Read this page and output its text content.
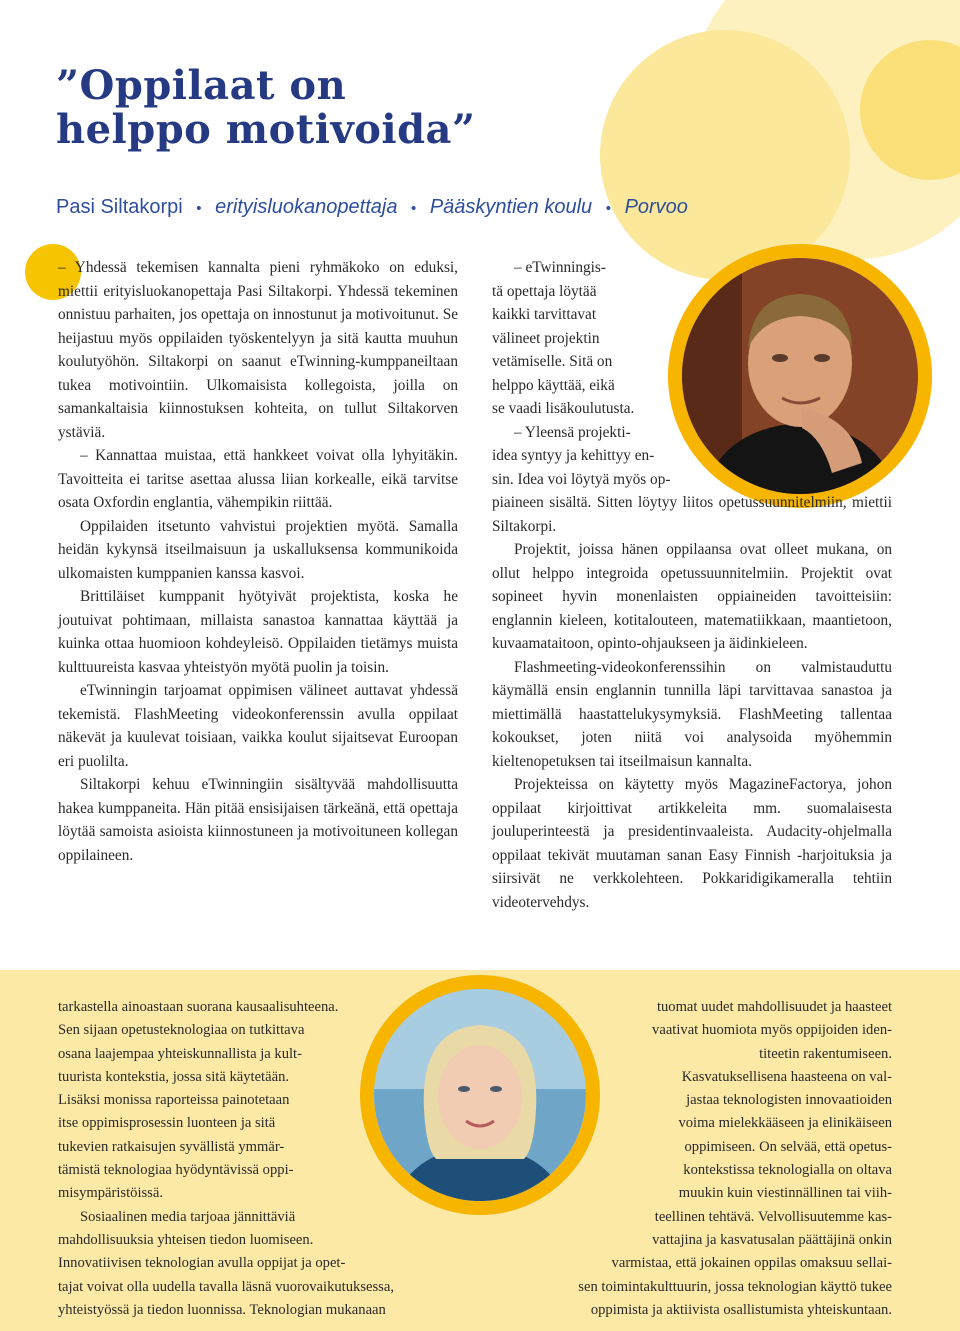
”Oppilaat on
helppo motivoida”
Pasi Siltakorpi • erityisluokanopettaja • Pääskyntien koulu • Porvoo

– Yhdessä tekemisen kannalta pieni ryhmäkoko on eduksi, miettii erityisluokanopettaja Pasi Siltakorpi. Yhdessä tekeminen onnistuu parhaiten, jos opettaja on innostunut ja motivoitunut. Se heijastuu myös oppilaiden työskentelyyn ja sitä kautta muuhun koulutyöhön. Siltakorpi on saanut eTwinning-kumppaneiltaan tukea motivointiin. Ulkomaisista kollegoista, joilla on samankaltaisia kiinnostuksen kohteita, on tullut Siltakorven ystäviä.

– Kannattaa muistaa, että hankkeet voivat olla lyhyitäkin. Tavoitteita ei taritse asettaa alussa liian korkealle, eikä tarvitse osata Oxfordin englantia, vähempikin riittää.

Oppilaiden itsetunto vahvistui projektien myötä. Samalla heidän kykynsä itseilmaisuun ja uskalluksensa kommunikoida ulkomaisten kumppanien kanssa kasvoi.

Brittiläiset kumppanit hyötyivät projektista, koska he joutuivat pohtimaan, millaista sanastoa kannattaa käyttää ja kuinka ottaa huomioon kohdeyleisö. Oppilaiden tietämys muista kulttuureista kasvaa yhteistyön myötä puolin ja toisin.

eTwinningin tarjoamat oppimisen välineet auttavat yhdessä tekemistä. FlashMeeting videokonferenssin avulla oppilaat näkevät ja kuulevat toisiaan, vaikka koulut sijaitsevat Euroopan eri puolilta.

Siltakorpi kehuu eTwinningiin sisältyvää mahdollisuutta hakea kumppaneita. Hän pitää ensisijaisen tärkeänä, että opettaja löytää samoista asioista kiinnostuneen ja motivoituneen kollegan oppilaineen.

– eTwinningis-
tä opettaja löytää
kaikki tarvittavat
välineet projektin
vetämiselle. Sitä on
helppo käyttää, eikä
se vaadi lisäkoulutusta.
– Yleensä projekti-
idea syntyy ja kehittyy en-
sin. Idea voi löytyä myös op-

piaineen sisältä. Sitten löytyy liitos opetussuunnitelmiin, miettii Siltakorpi.

Projektit, joissa hänen oppilaansa ovat olleet mukana, on ollut helppo integroida opetussuunnitelmiin. Projektit ovat sopineet hyvin monenlaisten oppiaineiden tavoitteisiin: englannin kieleen, kotitalouteen, matematiikkaan, maantietoon, kuvaamataitoon, opinto-ohjaukseen ja äidinkieleen.

Flashmeeting-videokonferenssihin on valmistauduttu käymällä ensin englannin tunnilla läpi tarvittavaa sanastoa ja miettimällä haastattelukysymyksiä. FlashMeeting tallentaa kokoukset, joten niitä voi analysoida myöhemmin kieltenopetuksen tai itseilmaisun kannalta.

Projekteissa on käytetty myös MagazineFactorya, johon oppilaat kirjoittivat artikkeleita mm. suomalaisesta jouluperinteestä ja presidentinvaaleista. Audacity-ohjelmalla oppilaat tekivät muutaman sanan Easy Finnish -harjoituksia ja siirsivät ne verkkolehteen. Pokkaridigikameralla tehtiin videotervehdys.

tarkastella ainoastaan suorana kausaalisuhteena.
Sen sijaan opetusteknologiaa on tutkittava
osana laajempaa yhteiskunnallista ja kult-
tuurista kontekstia, jossa sitä käytetään.
Lisäksi monissa raporteissa painotetaan
itse oppimisprosessin luonteen ja sitä
tukevien ratkaisujen syvällistä ymmär-
tämistä teknologiaa hyödyntävissä oppi-
misympäristöissä.
Sosiaalinen media tarjoaa jännittäviä
mahdollisuuksia yhteisen tiedon luomiseen.
Innovatiivisen teknologian avulla oppijat ja opet-
tajat voivat olla uudella tavalla läsnä vuorovaikutuksessa,
yhteistyössä ja tiedon luonnissa. Teknologian mukanaan
tuomat uudet mahdollisuudet ja haasteet
vaativat huomiota myös oppijoiden iden-
titeetin rakentumiseen.
Kasvatuksellisena haasteena on val-
jastaa teknologisten innovaatioiden
voima mielekkääseen ja elinikäiseen
oppimiseen. On selvää, että opetus-
kontekstissa teknologialla on oltava
muukin kuin viestinnällinen tai viih-
teellinen tehtävä. Velvollisuutemme kas-
vattajina ja kasvatusalan päättäjinä onkin
varmistaa, että jokainen oppilas omaksuu sellai-
sen toimintakulttuurin, jossa teknologian käyttö tukee
oppimista ja aktiivista osallistumista yhteiskuntaan.
